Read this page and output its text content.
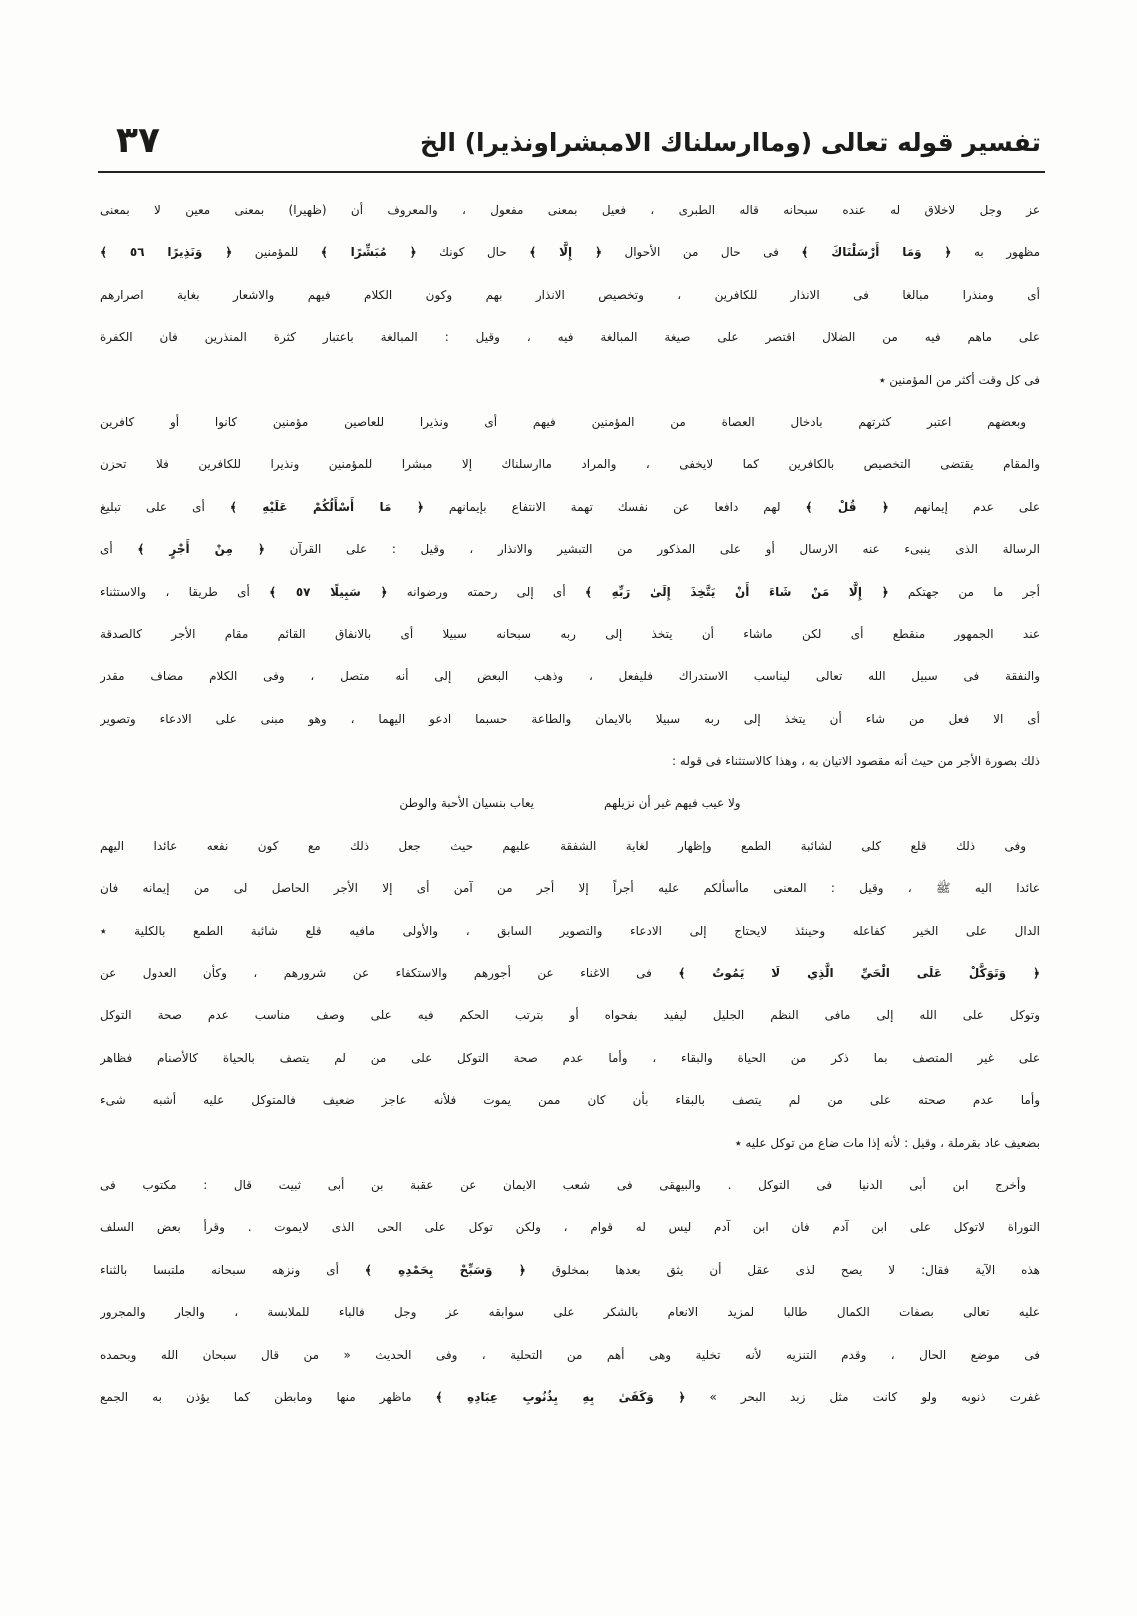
٣٧	تفسير قوله تعالى (وماارسلناك الامبشراونذيرا) الخ
عز وجل لاخلاق له عنده سبحانه قاله الطبرى ، فعيل بمعنى مفعول ، والمعروف أن (ظهيرا) بمعنى معين لا بمعنى
مظهور به ﴿ وَمَا أَرْسَلْنَاكَ ﴾ فى حال من الأحوال ﴿ إِلَّا ﴾ حال كونك ﴿ مُبَشِّرًا ﴾ للمؤمنين ﴿ وَنَذِيرًا ٥٦ ﴾
أى ومنذرا مبالغا فى الانذار للكافرين ، وتخصيص الانذار بهم وكون الكلام فيهم والاشعار بغاية اصرارهم
على ماهم فيه من الضلال اقتصر على صيغة المبالغة فيه ، وقيل : المبالغة باعتبار كثرة المنذرين فان الكفرة
فى كل وقت أكثر من المؤمنين ٭
وبعضهم اعتبر كثرتهم بادخال العصاة من المؤمنين فيهم أى ونذيرا للعاصين مؤمنين كانوا أو كافرين
والمقام يقتضى التخصيص بالكافرين كما لايخفى ، والمراد ماارسلناك إلا مبشرا للمؤمنين ونذيرا للكافرين فلا تحزن
على عدم إيمانهم ﴿ قُلْ ﴾ لهم دافعا عن نفسك تهمة الانتفاع بإيمانهم ﴿ مَا أَسْأَلُكُمْ عَلَيْهِ ﴾ أى على تبليغ
الرسالة الذى ينبىء عنه الارسال أو على المذكور من التبشير والانذار ، وقيل : على القرآن ﴿ مِنْ أَجْرٍ ﴾ أى
أجر ما من جهتكم ﴿ إِلَّا مَنْ شَاءَ أَنْ يَتَّخِذَ إِلَىٰ رَبِّهِ ﴾ أى إلى رحمته ورضوانه ﴿ سَبِيلًا ٥٧ ﴾ أى طريقا ، والاستثناء
عند الجمهور منقطع أى لكن ماشاء أن يتخذ إلى ربه سبحانه سبيلا أى بالانفاق القائم مقام الأجر كالصدقة
والنفقة فى سبيل الله تعالى ليناسب الاستدراك فليفعل ، وذهب البعض إلى أنه متصل ، وفى الكلام مضاف مقدر
أى الا فعل من شاء أن يتخذ إلى ربه سبيلا بالايمان والطاعة حسبما ادعو اليهما ، وهو مبنى على الادعاء وتصوير
ذلك بصورة الأجر من حيث أنه مقصود الاتيان به ، وهذا كالاستثناء فى قوله :
ولا عيب فيهم غير أن نزيلهم
يعاب بنسيان الأحبة والوطن
وفى ذلك قلع كلى لشائبة الطمع وإظهار لغاية الشفقة عليهم حيث جعل ذلك مع كون نفعه عائدا اليهم
عائدا اليه ﷺ ، وقيل : المعنى ماأسألكم عليه أجراً إلا أجر من آمن أى إلا الأجر الحاصل لى من إيمانه فان
الدال على الخير كفاعله وحينئذ لايحتاج إلى الادعاء والتصوير السابق ، والأولى مافيه قلع شائبة الطمع بالكلية ٭
﴿ وَتَوَكَّلْ عَلَى الْحَيِّ الَّذِي لَا يَمُوتُ ﴾ فى الاغناء عن أجورهم والاستكفاء عن شرورهم ، وكأن العدول عن
وتوكل على الله إلى مافى النظم الجليل ليفيد بفحواه أو بترتب الحكم فيه على وصف مناسب عدم صحة التوكل
على غير المتصف بما ذكر من الحياة والبقاء ، وأما عدم صحة التوكل على من لم يتصف بالحياة كالأصنام فظاهر
وأما عدم صحته على من لم يتصف بالبقاء بأن كان ممن يموت فلأنه عاجز ضعيف فالمتوكل عليه أشبه شىء
بضعيف عاد بقرملة ، وقيل : لأنه إذا مات ضاع من توكل عليه ٭
وأخرج ابن أبى الدنيا فى التوكل . والبيهقى فى شعب الايمان عن عقبة بن أبى ثبيت قال : مكتوب فى
التوراة لاتوكل على ابن آدم فان ابن آدم ليس له قوام ، ولكن توكل على الحى الذى لايموت . وقرأ بعض السلف
هذه الآية فقال: لا يصح لذى عقل أن يثق بعدها بمخلوق ﴿ وَسَبِّحْ بِحَمْدِهِ ﴾ أى ونزهه سبحانه ملتبسا بالثناء
عليه تعالى بصفات الكمال طالبا لمزيد الانعام بالشكر على سوابقه عز وجل فالباء للملابسة ، والجار والمجرور
فى موضع الحال ، وقدم التنزيه لأنه تخلية وهى أهم من التحلية ، وفى الحديث « من قال سبحان الله وبحمده
غفرت ذنوبه ولو كانت مثل زبد البحر » ﴿ وَكَفَىٰ بِهِ بِذُنُوبِ عِبَادِهِ ﴾ ماظهر منها ومابطن كما يؤذن به الجمع
